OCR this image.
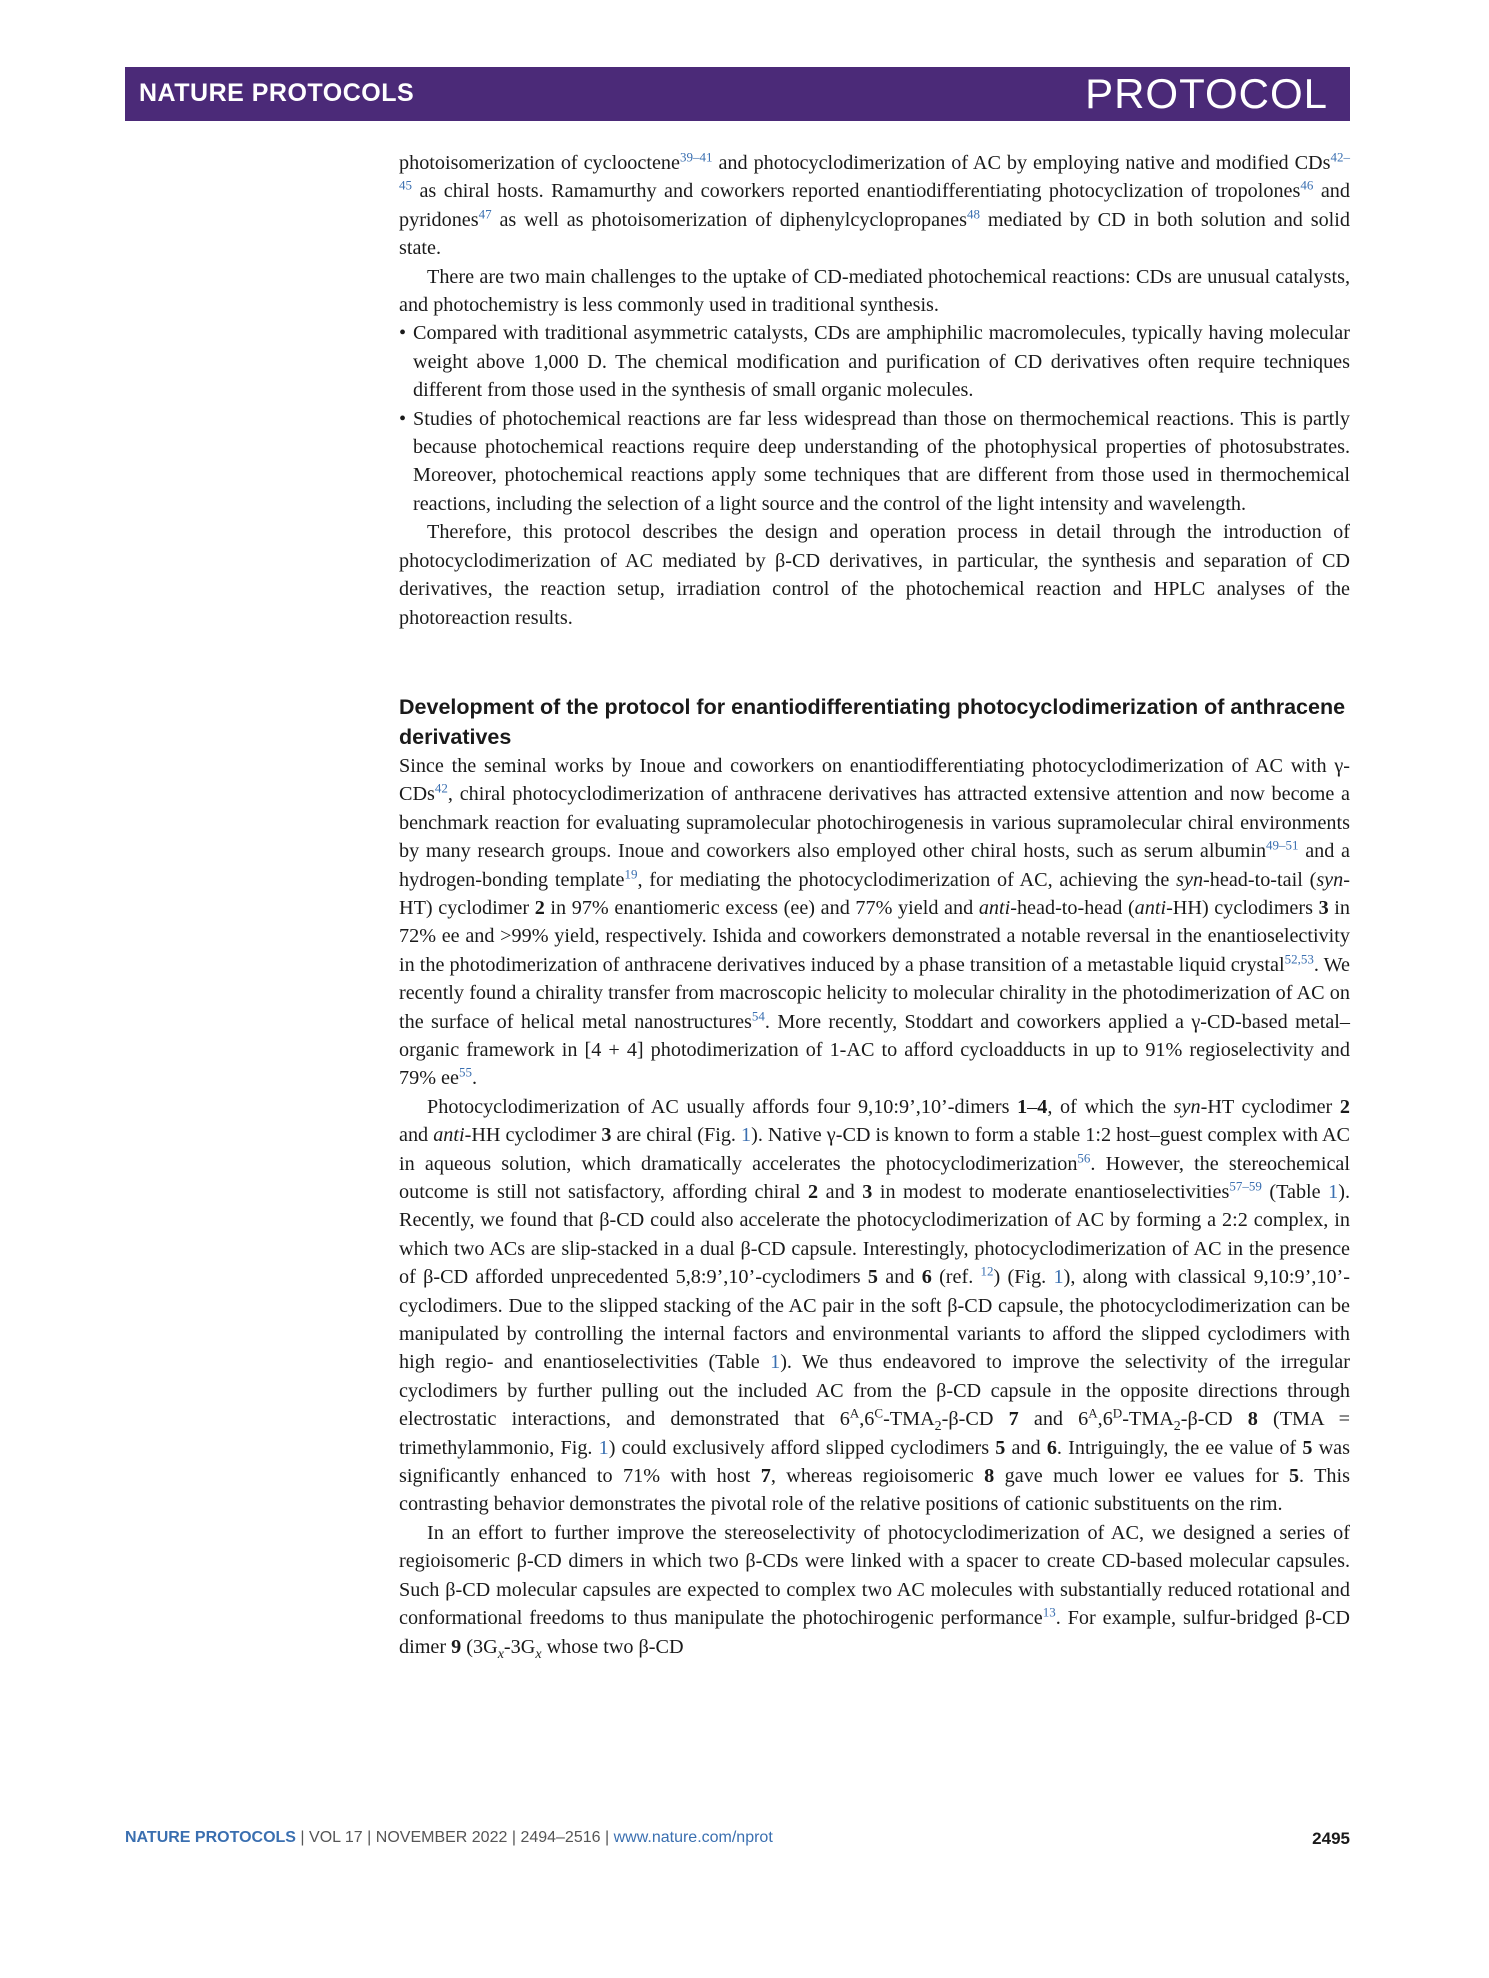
NATURE PROTOCOLS	PROTOCOL

photoisomerization of cyclooctene$^{39-41}$ and photocyclodimerization of AC by employing native and modified CDs$^{42-45}$ as chiral hosts. Ramamurthy and coworkers reported enantiodifferentiating photocyclization of tropolones$^{46}$ and pyridones$^{47}$ as well as photoisomerization of diphenylcyclopropanes$^{48}$ mediated by CD in both solution and solid state.

There are two main challenges to the uptake of CD-mediated photochemical reactions: CDs are unusual catalysts, and photochemistry is less commonly used in traditional synthesis.

• Compared with traditional asymmetric catalysts, CDs are amphiphilic macromolecules, typically having molecular weight above 1,000 D. The chemical modification and purification of CD derivatives often require techniques different from those used in the synthesis of small organic molecules.

• Studies of photochemical reactions are far less widespread than those on thermochemical reactions. This is partly because photochemical reactions require deep understanding of the photophysical properties of photosubstrates. Moreover, photochemical reactions apply some techniques that are different from those used in thermochemical reactions, including the selection of a light source and the control of the light intensity and wavelength.

Therefore, this protocol describes the design and operation process in detail through the introduction of photocyclodimerization of AC mediated by β-CD derivatives, in particular, the synthesis and separation of CD derivatives, the reaction setup, irradiation control of the photochemical reaction and HPLC analyses of the photoreaction results.

Development of the protocol for enantiodifferentiating photocyclodimerization of anthracene derivatives

Since the seminal works by Inoue and coworkers on enantiodifferentiating photocyclodimerization of AC with γ-CDs$^{42}$, chiral photocyclodimerization of anthracene derivatives has attracted extensive attention and now become a benchmark reaction for evaluating supramolecular photochirogenesis in various supramolecular chiral environments by many research groups. Inoue and coworkers also employed other chiral hosts, such as serum albumin$^{49-51}$ and a hydrogen-bonding template$^{19}$, for mediating the photocyclodimerization of AC, achieving the syn-head-to-tail (syn-HT) cyclodimer 2 in 97% enantiomeric excess (ee) and 77% yield and anti-head-to-head (anti-HH) cyclodimers 3 in 72% ee and >99% yield, respectively. Ishida and coworkers demonstrated a notable reversal in the enantioselectivity in the photodimerization of anthracene derivatives induced by a phase transition of a metastable liquid crystal$^{52,53}$. We recently found a chirality transfer from macroscopic helicity to molecular chirality in the photodimerization of AC on the surface of helical metal nanostructures$^{54}$. More recently, Stoddart and coworkers applied a γ-CD-based metal–organic framework in [4 + 4] photodimerization of 1-AC to afford cycloadducts in up to 91% regioselectivity and 79% $ee^{55}$.

Photocyclodimerization of AC usually affords four 9,10:9’,10’-dimers 1–4, of which the syn-HT cyclodimer 2 and anti-HH cyclodimer 3 are chiral (Fig. 1). Native γ-CD is known to form a stable 1:2 host–guest complex with AC in aqueous solution, which dramatically accelerates the photocyclodimerization$^{56}$. However, the stereochemical outcome is still not satisfactory, affording chiral 2 and 3 in modest to moderate enantioselectivities$^{57-59}$ (Table 1). Recently, we found that β-CD could also accelerate the photocyclodimerization of AC by forming a 2:2 complex, in which two ACs are slip-stacked in a dual β-CD capsule. Interestingly, photocyclodimerization of AC in the presence of β-CD afforded unprecedented 5,8:9’,10’-cyclodimers 5 and 6 (ref. $^{12}$) (Fig. 1), along with classical 9,10:9’,10’-cyclodimers. Due to the slipped stacking of the AC pair in the soft β-CD capsule, the photocyclodimerization can be manipulated by controlling the internal factors and environmental variants to afford the slipped cyclodimers with high regio- and enantioselectivities (Table 1). We thus endeavored to improve the selectivity of the irregular cyclodimers by further pulling out the included AC from the β-CD capsule in the opposite directions through electrostatic interactions, and demonstrated that $6^A,6^C-TMA_2-\beta-CD$ 7 and $6^A,6^D-TMA_2-\beta-CD$ 8 (TMA = trimethylammonio, Fig. 1) could exclusively afford slipped cyclodimers 5 and 6. Intriguingly, the ee value of 5 was significantly enhanced to 71% with host 7, whereas regioisomeric 8 gave much lower ee values for 5. This contrasting behavior demonstrates the pivotal role of the relative positions of cationic substituents on the rim.

In an effort to further improve the stereoselectivity of photocyclodimerization of AC, we designed a series of regioisomeric β-CD dimers in which two β-CDs were linked with a spacer to create CD-based molecular capsules. Such β-CD molecular capsules are expected to complex two AC molecules with substantially reduced rotational and conformational freedoms to thus manipulate the photochirogenic performance$^{13}$. For example, sulfur-bridged β-CD dimer 9 ($3G_x-3G_x$ whose two β-CD

NATURE PROTOCOLS | VOL 17 | NOVEMBER 2022 | 2494–2516 | www.nature.com/nprot	2495
